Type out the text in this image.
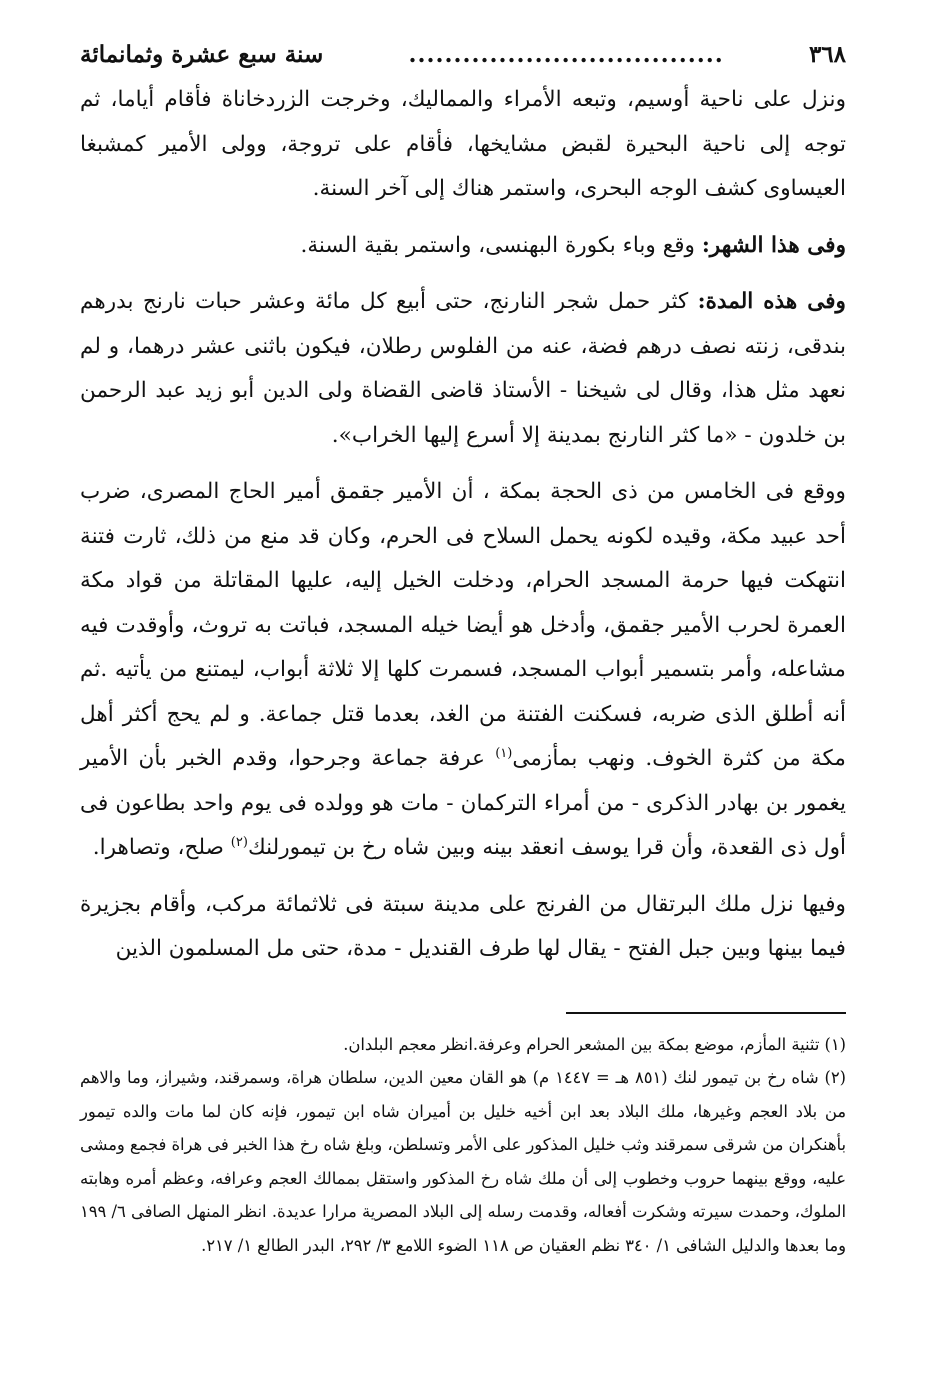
٣٦٨
...................................
سنة سبع عشرة وثمانمائة

ونزل على ناحية أوسيم، وتبعه الأمراء والمماليك، وخرجت الزردخاناة فأقام أياما، ثم توجه إلى ناحية البحيرة لقبض مشايخها، فأقام على تروجة، وولى الأمير كمشبغا العيساوى كشف الوجه البحرى، واستمر هناك إلى آخر السنة.

وفى هذا الشهر: وقع وباء بكورة البهنسى، واستمر بقية السنة.

وفى هذه المدة: كثر حمل شجر النارنج، حتى أبيع كل مائة وعشر حبات نارنج بدرهم بندقى، زنته نصف درهم فضة، عنه من الفلوس رطلان، فيكون باثنى عشر درهما، و لم نعهد مثل هذا، وقال لى شيخنا - الأستاذ قاضى القضاة ولى الدين أبو زيد عبد الرحمن بن خلدون - «ما كثر النارنج بمدينة إلا أسرع إليها الخراب».

ووقع فى الخامس من ذى الحجة بمكة ، أن الأمير جقمق أمير الحاج المصرى، ضرب أحد عبيد مكة، وقيده لكونه يحمل السلاح فى الحرم، وكان قد منع من ذلك، ثارت فتنة انتهكت فيها حرمة المسجد الحرام، ودخلت الخيل إليه، عليها المقاتلة من قواد مكة العمرة لحرب الأمير جقمق، وأدخل هو أيضا خيله المسجد، فباتت به تروث، وأوقدت فيه مشاعله، وأمر بتسمير أبواب المسجد، فسمرت كلها إلا ثلاثة أبواب، ليمتنع من يأتيه .ثم أنه أطلق الذى ضربه، فسكنت الفتنة من الغد، بعدما قتل جماعة. و لم يحج أكثر أهل مكة من كثرة الخوف. ونهب بمأزمى$^{(١)}$ عرفة جماعة وجرحوا، وقدم الخبر بأن الأمير يغمور بن بهادر الذكرى - من أمراء التركمان - مات هو وولده فى يوم واحد بطاعون فى أول ذى القعدة، وأن قرا يوسف انعقد بينه وبين شاه رخ بن تيمورلنك$^{(٢)}$ صلح، وتصاهرا.

وفيها نزل ملك البرتقال من الفرنج على مدينة سبتة فى ثلاثمائة مركب، وأقام بجزيرة فيما بينها وبين جبل الفتح - يقال لها طرف القنديل - مدة، حتى مل المسلمون الذين

(١) تثنية المأزم، موضع بمكة بين المشعر الحرام وعرفة.انظر معجم البلدان.

(٢) شاه رخ بن تيمور لنك (٨٥١ هـ = ١٤٤٧ م) هو القان معين الدين، سلطان هراة، وسمرقند، وشيراز، وما والاهم من بلاد العجم وغيرها، ملك البلاد بعد ابن أخيه خليل بن أميران شاه ابن تيمور، فإنه كان لما مات والده تيمور بأهنكران من شرقى سمرقند وثب خليل المذكور على الأمر وتسلطن، وبلغ شاه رخ هذا الخبر فى هراة فجمع ومشى عليه، ووقع بينهما حروب وخطوب إلى أن ملك شاه رخ المذكور واستقل بممالك العجم وعرافه، وعظم أمره وهابته الملوك، وحمدت سيرته وشكرت أفعاله، وقدمت رسله إلى البلاد المصرية مرارا عديدة. انظر المنهل الصافى ٦/ ١٩٩ وما بعدها والدليل الشافى ١/ ٣٤٠ نظم العقيان ص ١١٨ الضوء اللامع ٣/ ٢٩٢، البدر الطالع ١/ ٢١٧.
